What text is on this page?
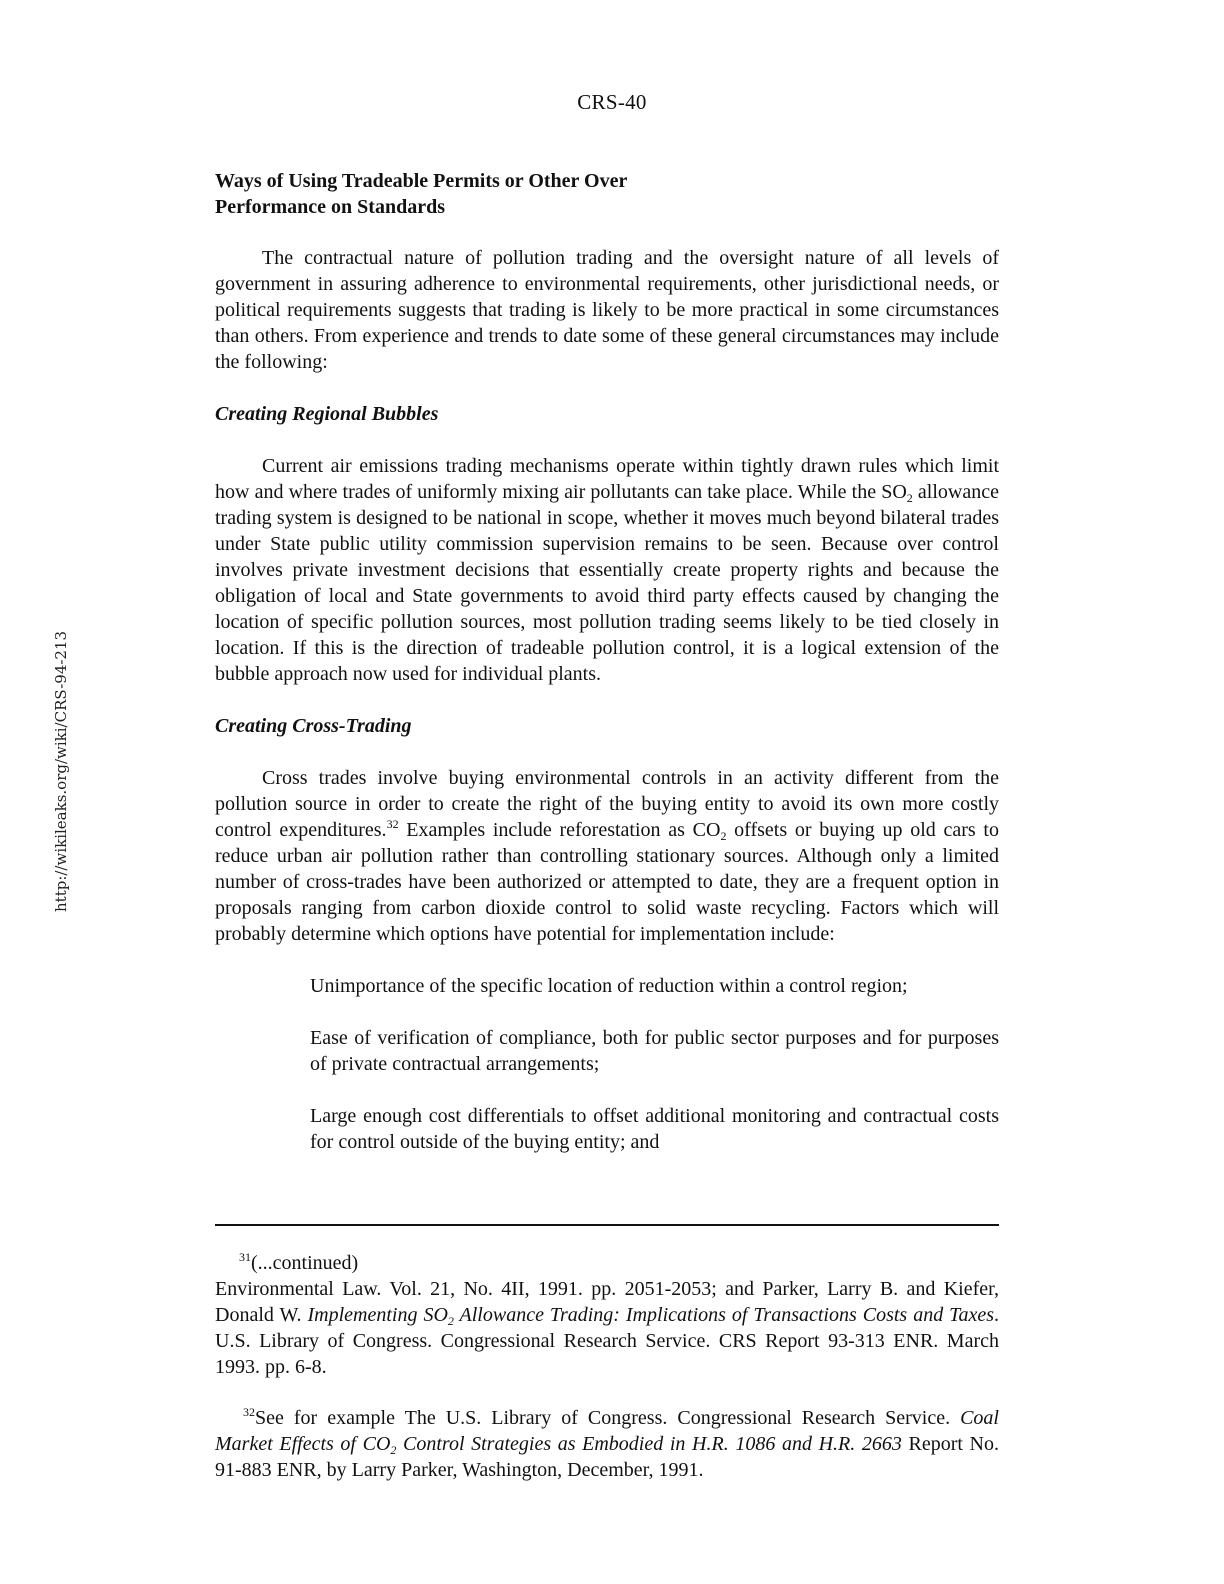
CRS-40
http://wikileaks.org/wiki/CRS-94-213

Ways of Using Tradeable Permits or Other Over
Performance on Standards

The contractual nature of pollution trading and the oversight nature of all levels of government in assuring adherence to environmental requirements, other jurisdictional needs, or political requirements suggests that trading is likely to be more practical in some circumstances than others. From experience and trends to date some of these general circumstances may include the following:

Creating Regional Bubbles

Current air emissions trading mechanisms operate within tightly drawn rules which limit how and where trades of uniformly mixing air pollutants can take place. While the $SO_2$ allowance trading system is designed to be national in scope, whether it moves much beyond bilateral trades under State public utility commission supervision remains to be seen. Because over control involves private investment decisions that essentially create property rights and because the obligation of local and State governments to avoid third party effects caused by changing the location of specific pollution sources, most pollution trading seems likely to be tied closely in location. If this is the direction of tradeable pollution control, it is a logical extension of the bubble approach now used for individual plants.

Creating Cross-Trading

Cross trades involve buying environmental controls in an activity different from the pollution source in order to create the right of the buying entity to avoid its own more costly control expenditures.$^{32}$ Examples include reforestation as $CO_2$ offsets or buying up old cars to reduce urban air pollution rather than controlling stationary sources. Although only a limited number of cross-trades have been authorized or attempted to date, they are a frequent option in proposals ranging from carbon dioxide control to solid waste recycling. Factors which will probably determine which options have potential for implementation include:

Unimportance of the specific location of reduction within a control region;
Ease of verification of compliance, both for public sector purposes and for purposes of private contractual arrangements;
Large enough cost differentials to offset additional monitoring and contractual costs for control outside of the buying entity; and

$^{31}$(...continued)

Environmental Law. Vol. 21, No. 4II, 1991. pp. 2051-2053; and Parker, Larry B. and Kiefer, Donald W. Implementing $SO_2$ Allowance Trading: Implications of Transactions Costs and Taxes. U.S. Library of Congress. Congressional Research Service. CRS Report 93-313 ENR. March 1993. pp. 6-8.

$^{32}$See for example The U.S. Library of Congress. Congressional Research Service. Coal Market Effects of $CO_2$ Control Strategies as Embodied in H.R. 1086 and H.R. 2663 Report No. 91-883 ENR, by Larry Parker, Washington, December, 1991.
